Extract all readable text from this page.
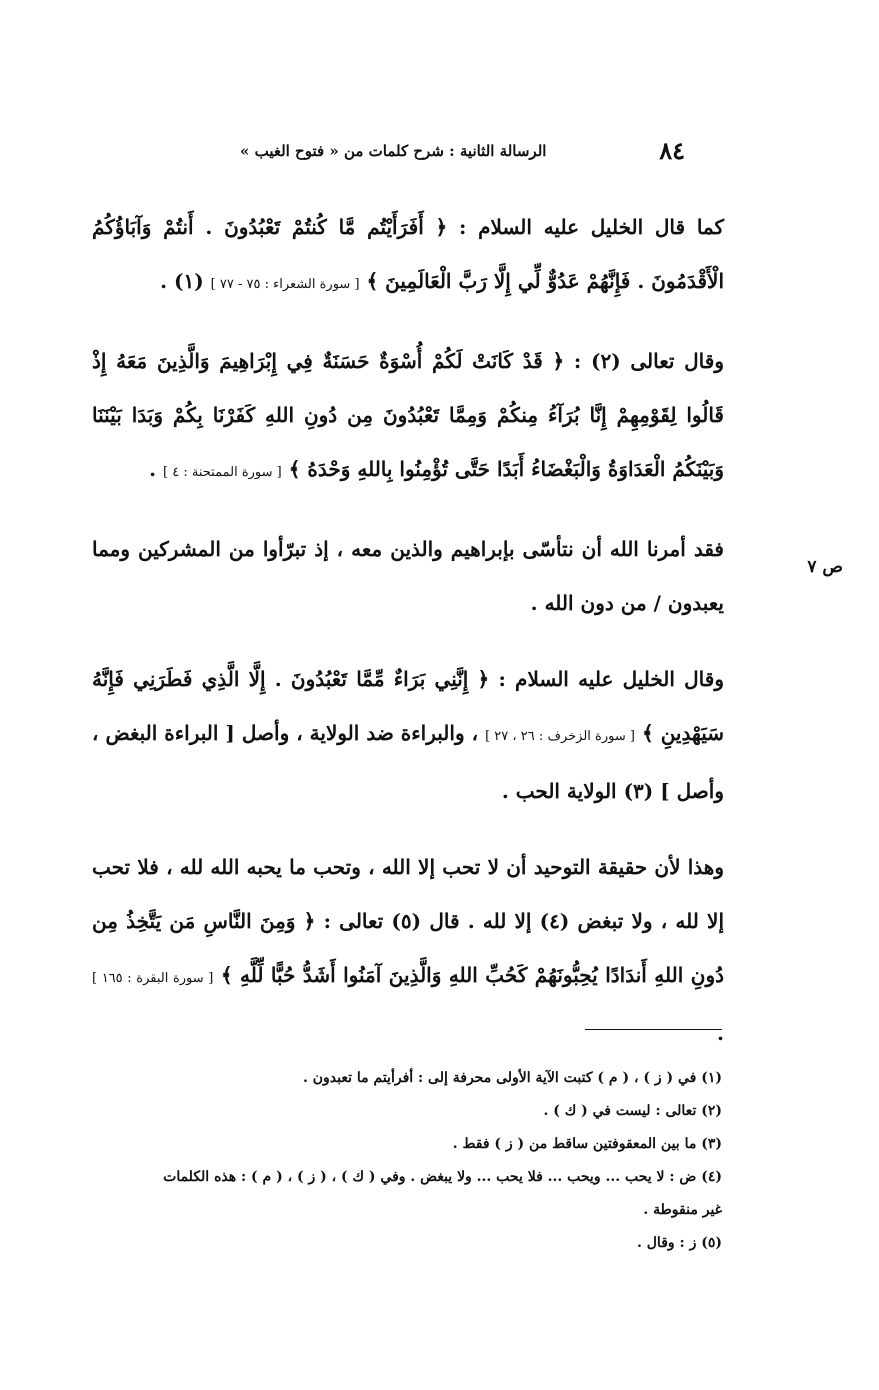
٨٤
الرسالة الثانية : شرح كلمات من « فتوح الغيب »

كما قال الخليل عليه السلام : ﴿ أَفَرَأَيْتُم مَّا كُنتُمْ تَعْبُدُونَ . أَنتُمْ وَآبَاؤُكُمُ الْأَقْدَمُونَ . فَإِنَّهُمْ عَدُوٌّ لِّي إِلَّا رَبَّ الْعَالَمِينَ ﴾ [ سورة الشعراء : ٧٥ - ٧٧ ] (١) .

وقال تعالى (٢) : ﴿ قَدْ كَانَتْ لَكُمْ أُسْوَةٌ حَسَنَةٌ فِي إِبْرَاهِيمَ وَالَّذِينَ مَعَهُ إِذْ قَالُوا لِقَوْمِهِمْ إِنَّا بُرَآءُ مِنكُمْ وَمِمَّا تَعْبُدُونَ مِن دُونِ اللهِ كَفَرْنَا بِكُمْ وَبَدَا بَيْنَنَا وَبَيْنَكُمُ الْعَدَاوَةُ وَالْبَغْضَاءُ أَبَدًا حَتَّى تُؤْمِنُوا بِاللهِ وَحْدَهُ ﴾ [ سورة الممتحنة : ٤ ] .

فقد أمرنا الله أن نتأسّى بإبراهيم والذين معه ، إذ تبرّأوا من المشركين ومما يعبدون / من دون الله .

وقال الخليل عليه السلام : ﴿ إِنَّنِي بَرَاءٌ مِّمَّا تَعْبُدُونَ . إِلَّا الَّذِي فَطَرَنِي فَإِنَّهُ سَيَهْدِينِ ﴾ [ سورة الزخرف : ٢٦ ، ٢٧ ] ، والبراءة ضد الولاية ، وأصل [ البراءة البغض ، وأصل ] (٣) الولاية الحب .

وهذا لأن حقيقة التوحيد أن لا تحب إلا الله ، وتحب ما يحبه الله لله ، فلا تحب إلا لله ، ولا تبغض (٤) إلا لله . قال (٥) تعالى : ﴿ وَمِنَ النَّاسِ مَن يَتَّخِذُ مِن دُونِ اللهِ أَندَادًا يُحِبُّونَهُمْ كَحُبِّ اللهِ وَالَّذِينَ آمَنُوا أَشَدُّ حُبًّا لِّلَّهِ ﴾ [ سورة البقرة : ١٦٥ ] .

ص ٧

(١) في ( ز ) ، ( م ) كتبت الآية الأولى محرفة إلى : أفرأيتم ما تعبدون .

(٢) تعالى : ليست في ( ك ) .

(٣) ما بين المعقوفتين ساقط من ( ز ) فقط .

(٤) ض : لا يحب ... ويحب ... فلا يحب ... ولا يبغض . وفي ( ك ) ، ( ز ) ، ( م ) : هذه الكلمات غير منقوطة .

(٥) ز : وقال .
